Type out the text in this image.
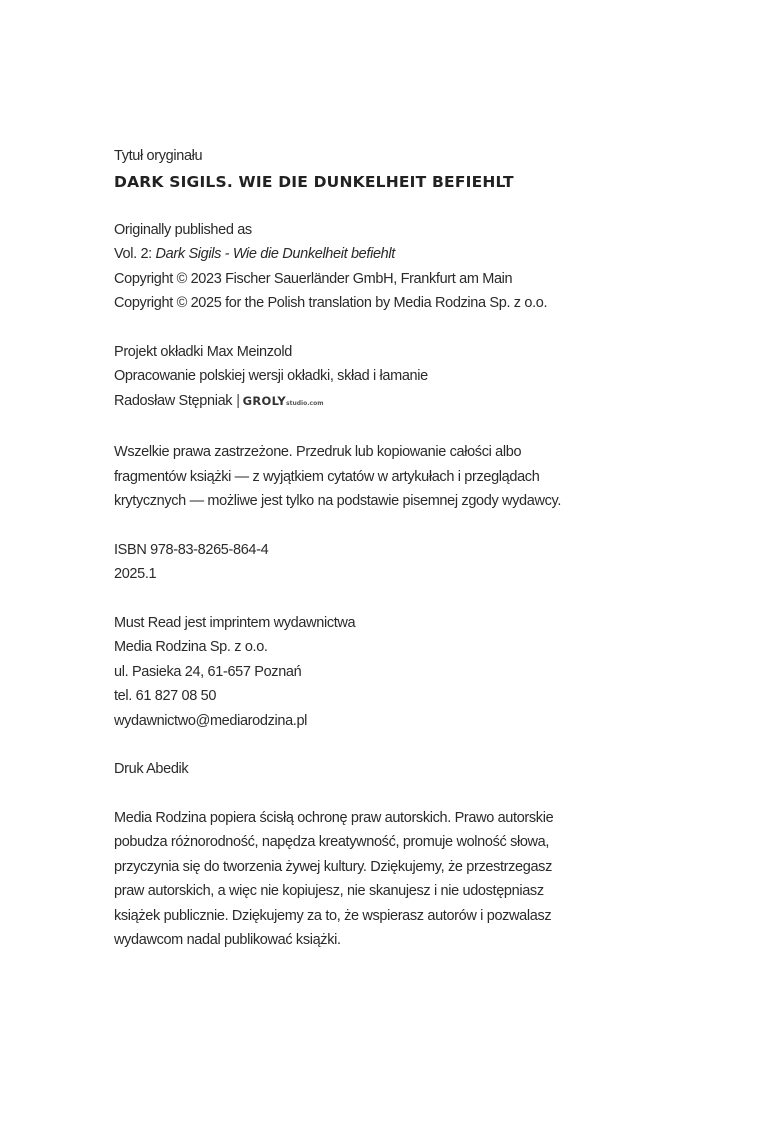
Tytuł oryginału
DARK SIGILS. WIE DIE DUNKELHEIT BEFIEHLT
Originally published as
Vol. 2: Dark Sigils - Wie die Dunkelheit befiehlt
Copyright © 2023 Fischer Sauerländer GmbH, Frankfurt am Main
Copyright © 2025 for the Polish translation by Media Rodzina Sp. z o.o.
Projekt okładki Max Meinzold
Opracowanie polskiej wersji okładki, skład i łamanie
Radosław Stępniak | GROLY studio.com
Wszelkie prawa zastrzeżone. Przedruk lub kopiowanie całości albo
fragmentów książki — z wyjątkiem cytatów w artykułach i przeglądach
krytycznych — możliwe jest tylko na podstawie pisemnej zgody wydawcy.
ISBN 978-83-8265-864-4
2025.1
Must Read jest imprintem wydawnictwa
Media Rodzina Sp. z o.o.
ul. Pasieka 24, 61-657 Poznań
tel. 61 827 08 50
wydawnictwo@mediarodzina.pl
Druk Abedik
Media Rodzina popiera ścisłą ochronę praw autorskich. Prawo autorskie
pobudza różnorodność, napędza kreatywność, promuje wolność słowa,
przyczynia się do tworzenia żywej kultury. Dziękujemy, że przestrzegasz
praw autorskich, a więc nie kopiujesz, nie skanujesz i nie udostępniasz
książek publicznie. Dziękujemy za to, że wspierasz autorów i pozwalasz
wydawcom nadal publikować książki.
